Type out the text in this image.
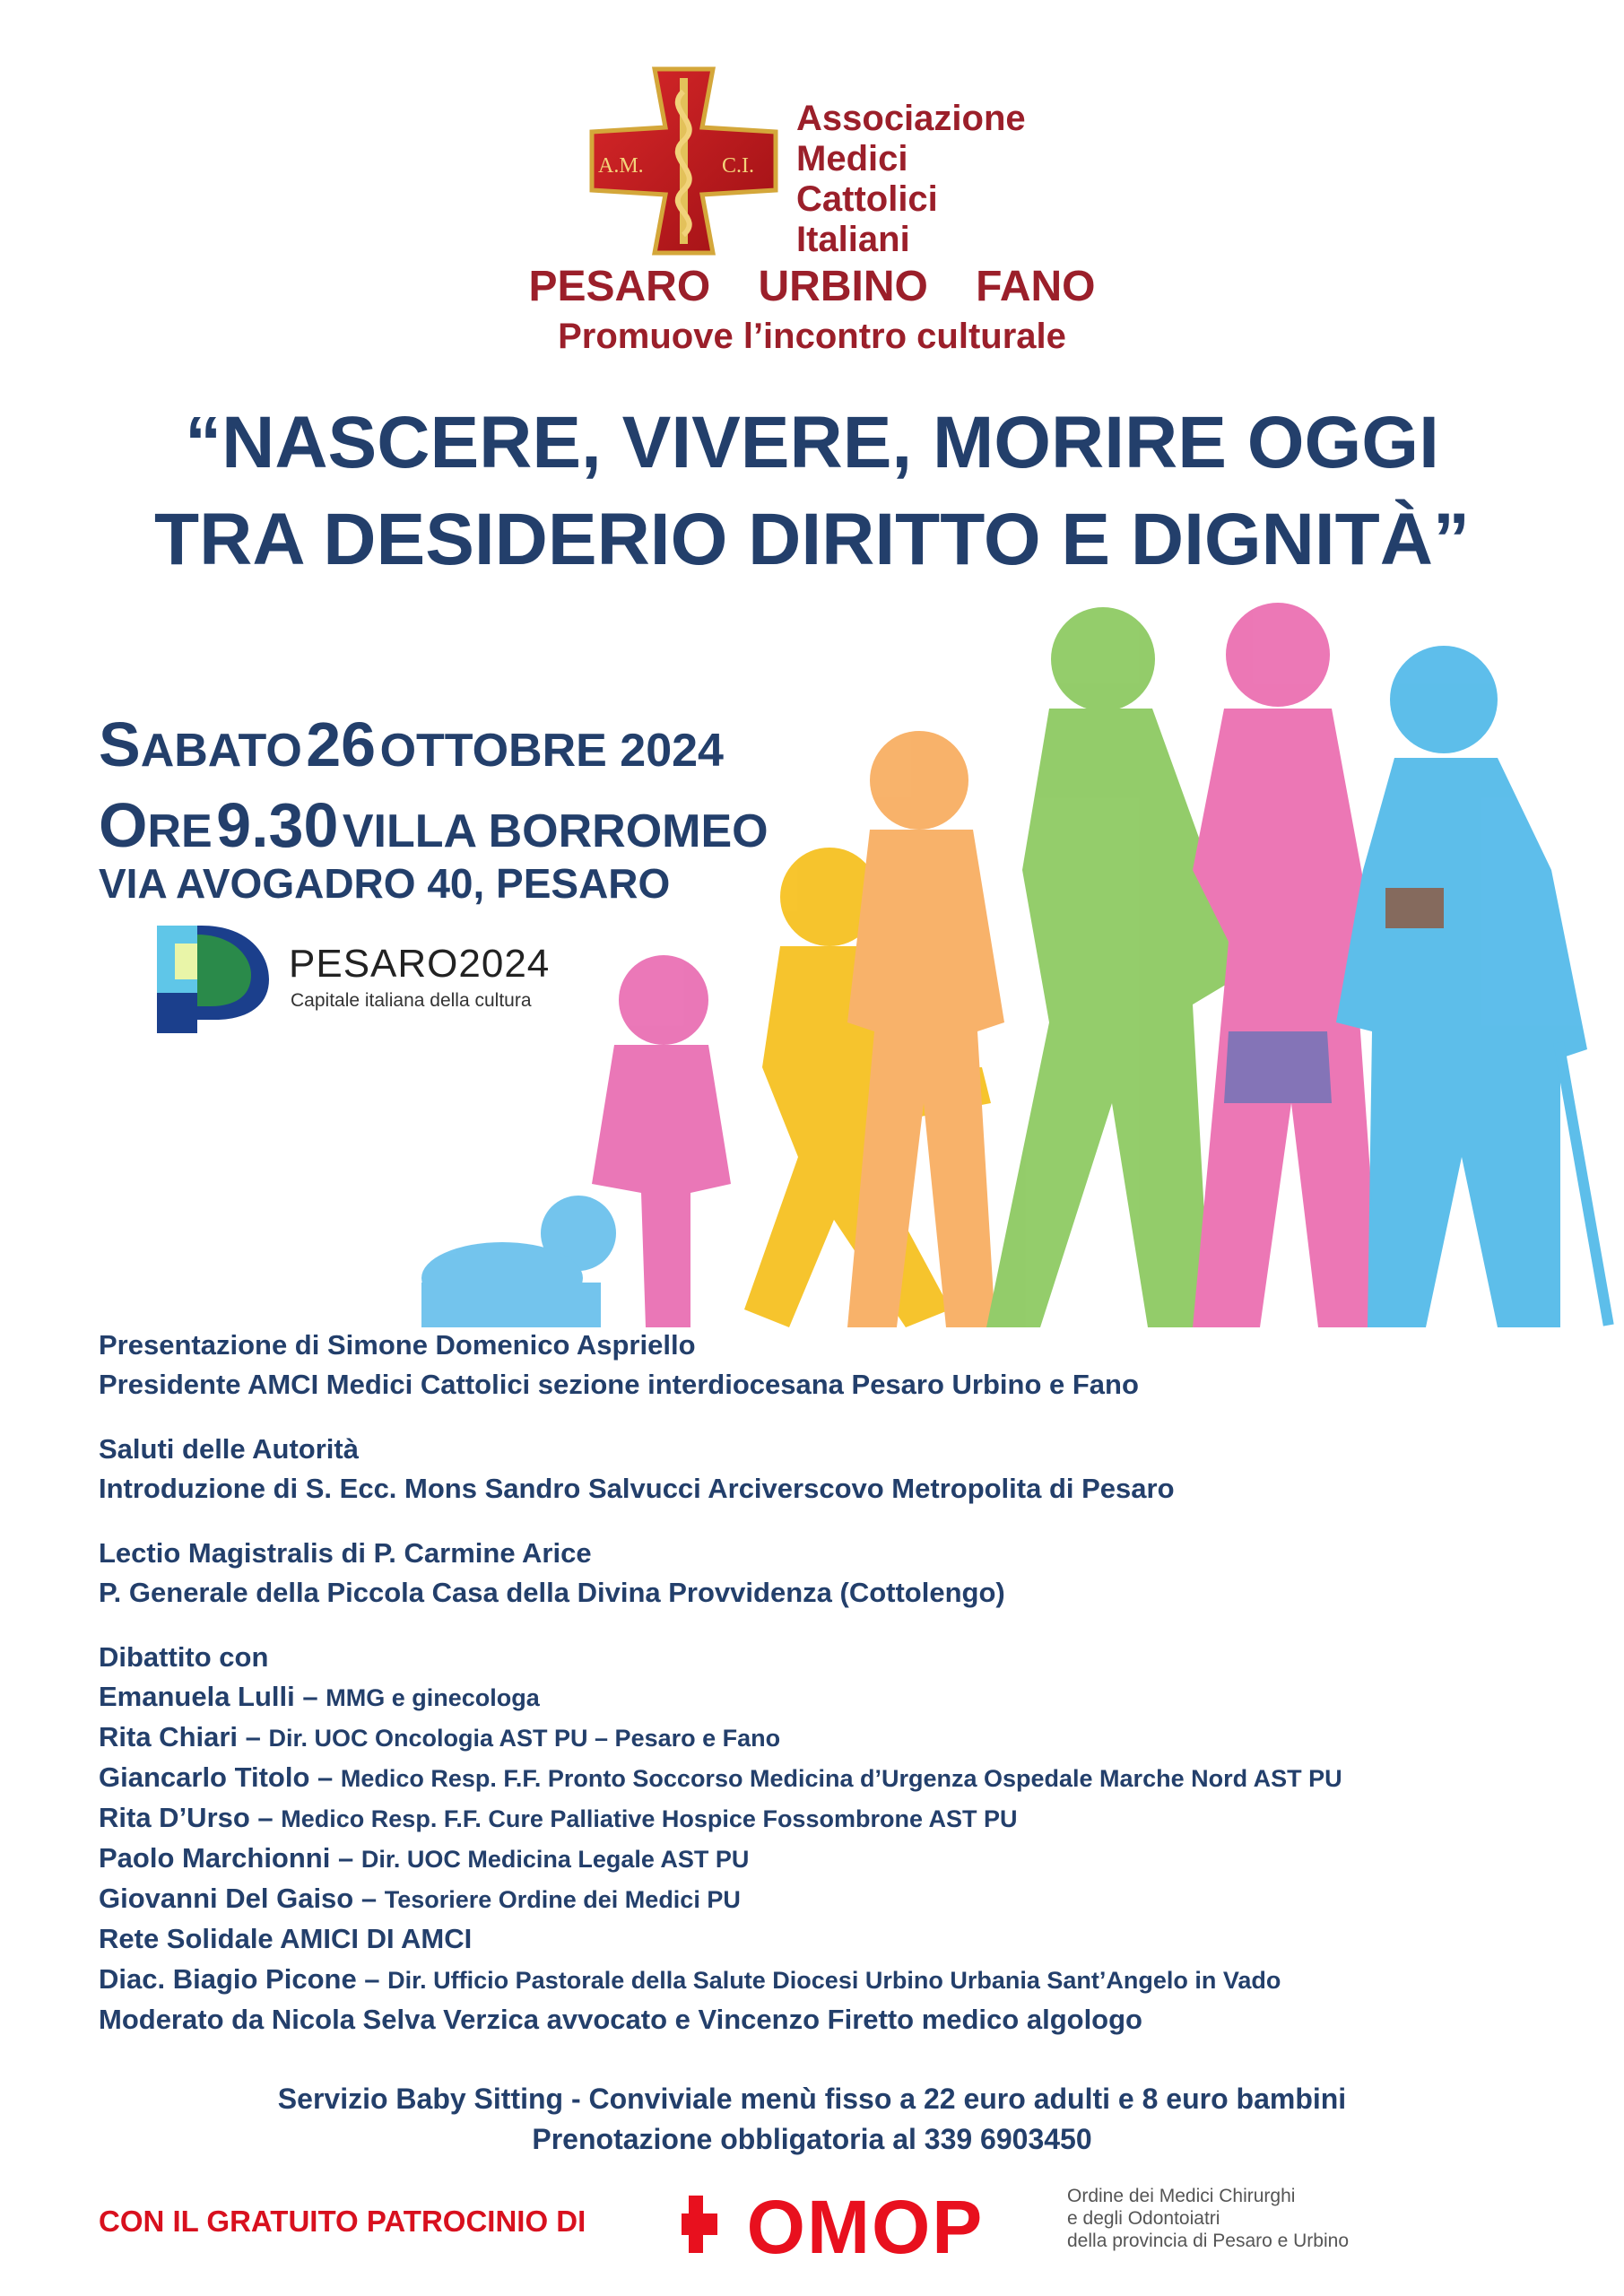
A.M.	C.I.
Associazione
Medici
Cattolici
Italiani
PESARO URBINO FANO
Promuove l’incontro culturale
“NASCERE, VIVERE, MORIRE OGGI
TRA DESIDERIO DIRITTO E DIGNITÀ”
SABATO 26 OTTOBRE 2024
ORE 9.30 VILLA BORROMEO
VIA AVOGADRO 40, PESARO
PESARO2024
Capitale italiana della cultura
Presentazione di Simone Domenico Aspriello
Presidente AMCI Medici Cattolici sezione interdiocesana Pesaro Urbino e Fano
Saluti delle Autorità
Introduzione di S. Ecc. Mons Sandro Salvucci Arciverscovo Metropolita di Pesaro
Lectio Magistralis di P. Carmine Arice
P. Generale della Piccola Casa della Divina Provvidenza (Cottolengo)
Dibattito con
Emanuela Lulli – MMG e ginecologa
Rita Chiari – Dir. UOC Oncologia AST PU – Pesaro e Fano
Giancarlo Titolo – Medico Resp. F.F. Pronto Soccorso Medicina d’Urgenza Ospedale Marche Nord AST PU
Rita D’Urso – Medico Resp. F.F. Cure Palliative Hospice Fossombrone AST PU
Paolo Marchionni – Dir. UOC Medicina Legale AST PU
Giovanni Del Gaiso – Tesoriere Ordine dei Medici PU
Rete Solidale AMICI DI AMCI
Diac. Biagio Picone – Dir. Ufficio Pastorale della Salute Diocesi Urbino Urbania Sant’Angelo in Vado
Moderato da Nicola Selva Verzica avvocato e Vincenzo Firetto medico algologo
Servizio Baby Sitting - Conviviale menù fisso a 22 euro adulti e 8 euro bambini
Prenotazione obbligatoria al 339 6903450
CON IL GRATUITO PATROCINIO DI OMOP	Ordine dei Medici Chirurghi
e degli Odontoiatri
della provincia di Pesaro e Urbino
